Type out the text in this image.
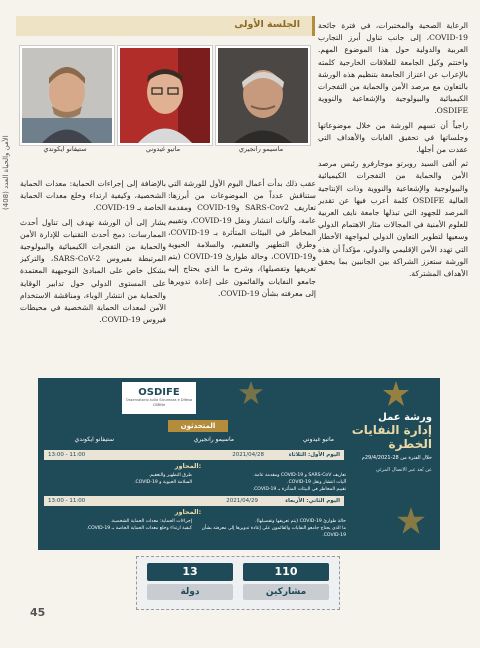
الأمن والحياة العدد (408)
الجلسة الأولى
ستيفانو ايكوندي	ماتيو غيدوني	ماسيمو رانجيري

الرعاية الصحية والمختبرات، في فترة جائحة COVID-19، إلى جانب تناول أبرز التجارب العربية والدولية حول هذا الموضوع المهم. واختتم وكيل الجامعة للعلاقات الخارجية كلمته بالإعراب عن اعتزاز الجامعة بتنظيم هذه الورشة بالتعاون مع مرصد الأمن والحماية من التفجرات الكيميائية والبيولوجية والإشعاعية والنووية OSDIFE.

راجياً أن تسهم الورشة من خلال موضوعاتها وجلساتها في تحقيق الغايات والأهداف التي عقدت من أجلها.

ثم ألقى السيد روبرتو موجارفرو رئيس مرصد الأمن والحماية من التفجرات الكيميائية والبيولوجية والإشعاعية والنووية وذات الإنتاجية العالية OSDIFE كلمة أعرب فيها عن تقدير المرصد للجهود التي تبذلها جامعة نايف العربية للعلوم الأمنية في المجالات مثار الاهتمام الدولي وسعيها لتطوير التعاون الدولي لمواجهة الأخطار التي تهدد الأمن الإقليمي والدولي، مؤكداً أن هذه الورشة ستعزز الشراكة بين الجانبين بما يحقق الأهداف المشتركة.

عقب ذلك بدأت أعمال اليوم الأول للورشة التي ستناقش عدداً من الموضوعات من أبرزها: تعاريف SARS-Cov2 وCOVID-19 ومقدمة عامة، وآليات انتشار ونقل COVID-19، وتقييم المخاطر في البيئات المتأثرة بـ COVID-19، وطرق التطهير والتعقيم، والسلامة الحيوية وCOVID-19، وحالة طوارئ COVID-19 (يتم تعريفها وتفصيلها)، وشرح ما الذي يحتاج إليه جامعو النفايات والقائمون على إعادة تدويرها إلى معرفته بشأن COVID-19.

بالإضافة إلى إجراءات الحماية: معدات الحماية الشخصية، وكيفية ارتداء وخلع معدات الحماية الخاصة بـ COVID-19.

يشار إلى أن الورشة تهدف إلى تناول أحدث الممارسات: دمج أحدث التقنيات للإدارة الأمن والحماية من التفجرات الكيميائية والبيولوجية المرتبطة بفيروس SARS-CoV-2، والتركيز بشكل خاص على المبادئ التوجيهية المعتمدة على المستوى الدولي حول تدابير الوقاية والحماية من انتشار الوباء، ومناقشة الاستخدام الآمن لمعدات الحماية الشخصية في محيطات فيروس COVID-19.

ورشة عمل
إدارة النفايات
الخطرة
خلال الفترة من 28-29/4/2021م
عن بُعد عبر الاتصال المرئي
OSDIFE
Osservatorio sulla Sicurezza e Difesa CBRNe
المتحدثون
ماتيو غيدوني
ماسيمو رانجيري
ستيفانو ايكوندي
اليوم الأول: الثلاثاء
2021/04/28
11:00 - 13:00
المحاور:
تعاريف SARS-CoV و COVID-19 ومقدمة عامة.
آليات انتشار ونقل COVID-19.
تقييم المخاطر في البيئات المتأثرة بـ COVID-19.
طرق التطهير والتعقيم.
السلامة الحيوية و COVID-19.
اليوم الثاني: الأربعاء
2021/04/29
11:00 - 13:00
المحاور:
حالة طوارئ COVID-19 (يتم تعريفها وتفصيلها).
ما الذي يحتاج جامعو النفايات والقائمون على إعادة تدويرها إلى معرفته بشأن COVID-19.
إجراءات الحماية: معدات الحماية الشخصية.
كيفية ارتداء وخلع معدات الحماية الخاصة بـ COVID-19.
110
مشاركين
13
دولة
45
